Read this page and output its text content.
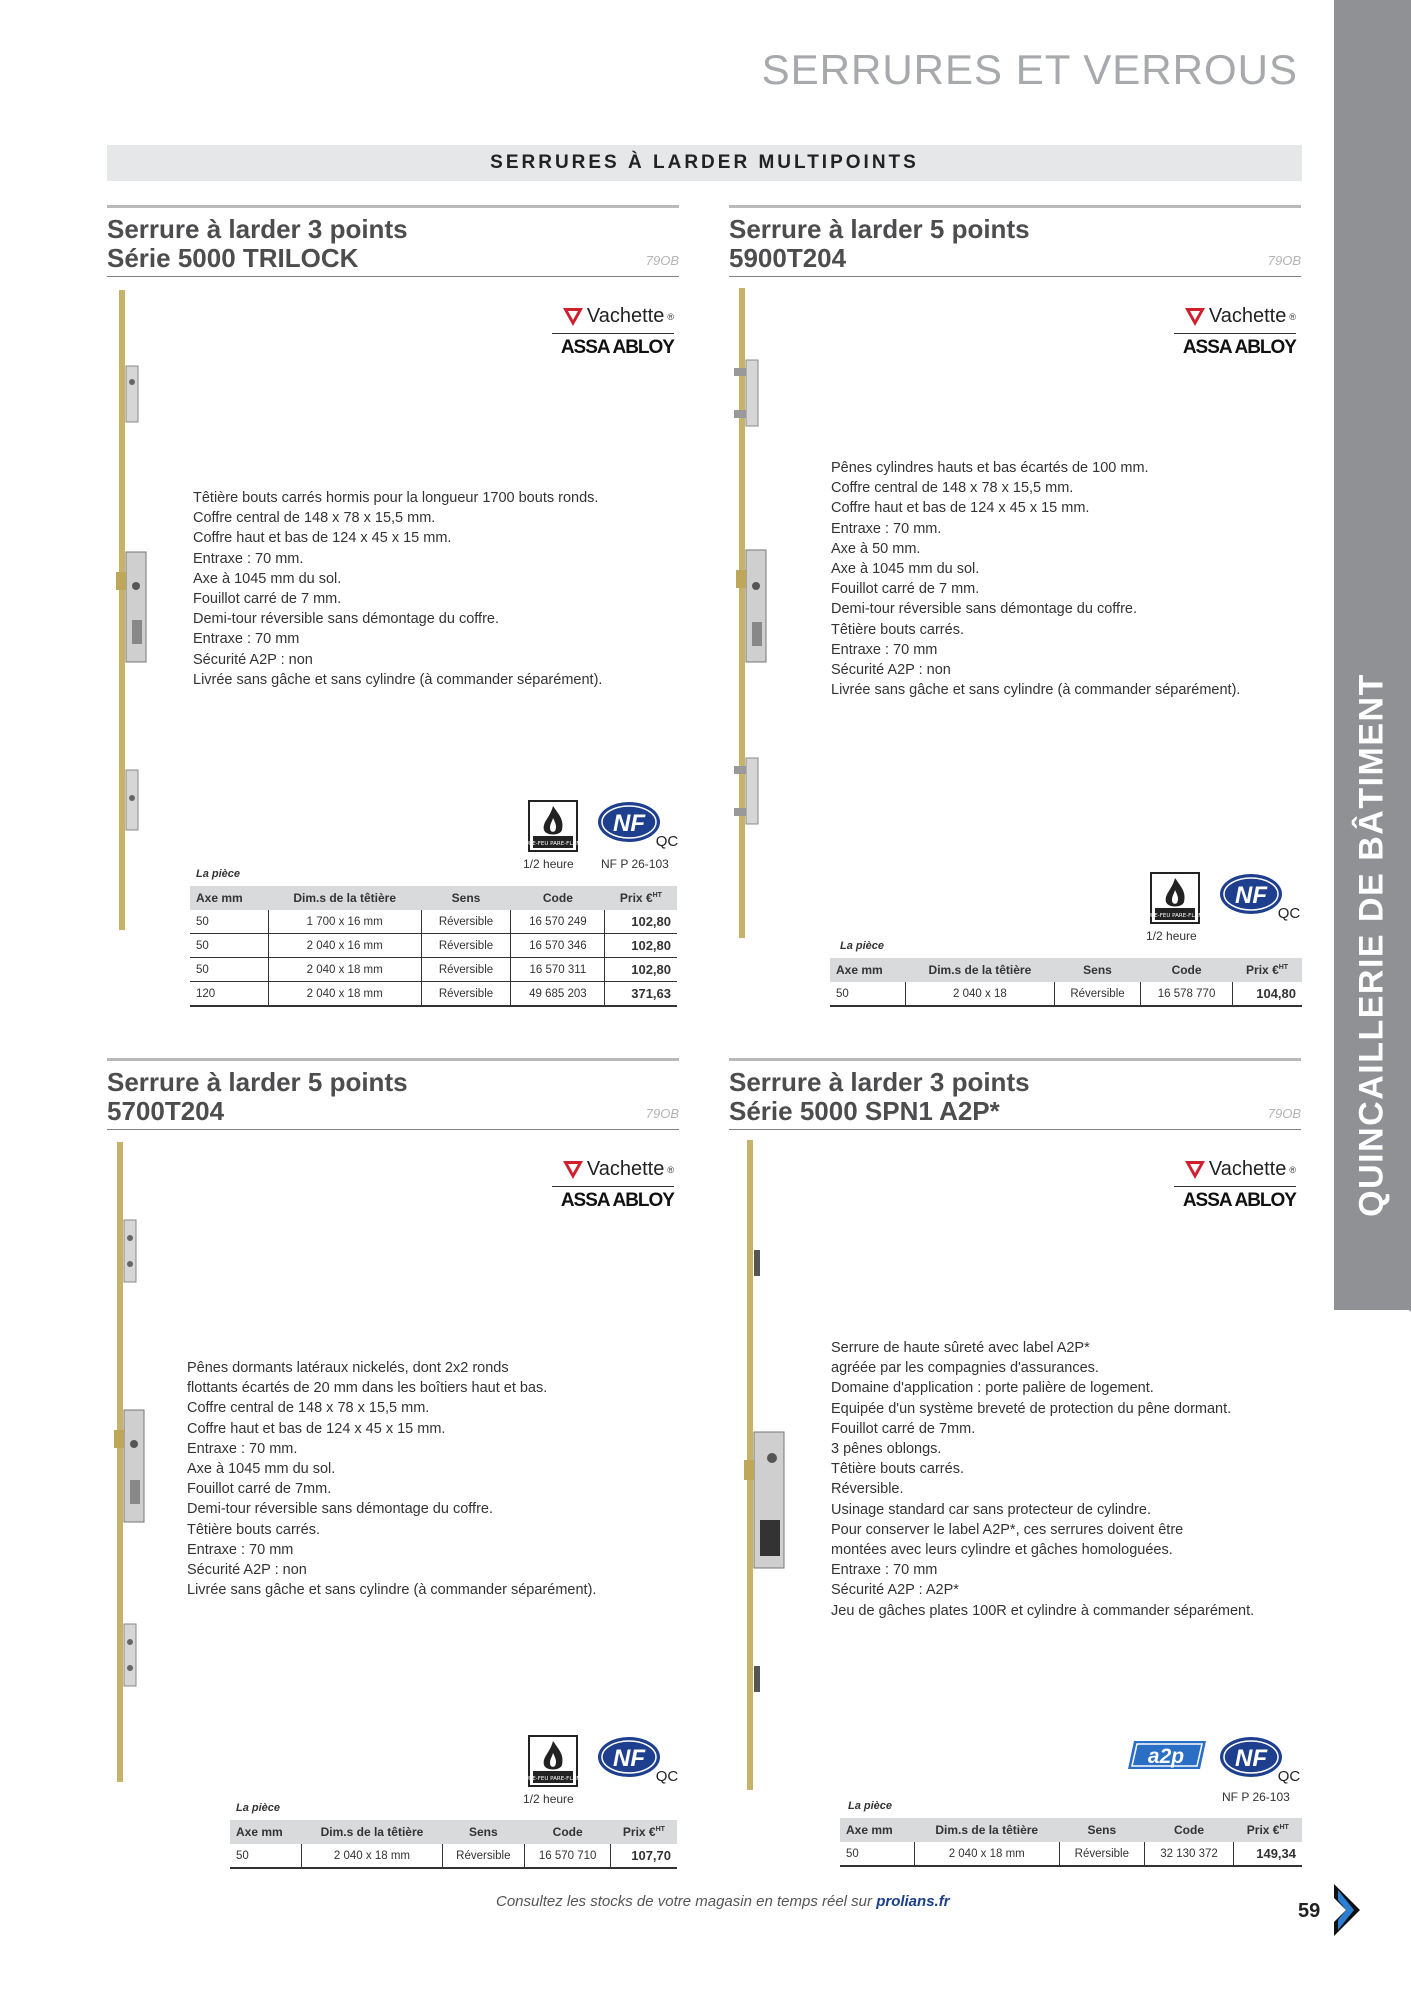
QUINCAILLERIE DE BÂTIMENT
SERRURES ET VERROUS
SERRURES À LARDER MULTIPOINTS
Serrure à larder 3 points
Série 5000 TRILOCK	79OB
Vachette ®
ASSA ABLOY
Têtière bouts carrés hormis pour la longueur 1700 bouts ronds.
Coffre central de 148 x 78 x 15,5 mm.
Coffre haut et bas de 124 x 45 x 15 mm.
Entraxe : 70 mm.
Axe à 1045 mm du sol.
Fouillot carré de 7 mm.
Demi-tour réversible sans démontage du coffre.
Entraxe : 70 mm
Sécurité A2P : non
Livrée sans gâche et sans cylindre (à commander séparément).
COUPE-FEU PARE-FLAMME
1/2 heure
NF
QC
NF P 26-103
La pièce
Axe mm	Dim.s de la têtière	Sens	Code	Prix €$^{HT}$
50	1 700 x 16 mm	Réversible	16 570 249	102,80
50	2 040 x 16 mm	Réversible	16 570 346	102,80
50	2 040 x 18 mm	Réversible	16 570 311	102,80
120	2 040 x 18 mm	Réversible	49 685 203	371,63
Serrure à larder 5 points
5900T204	79OB
Vachette ®
ASSA ABLOY
Pênes cylindres hauts et bas écartés de 100 mm.
Coffre central de 148 x 78 x 15,5 mm.
Coffre haut et bas de 124 x 45 x 15 mm.
Entraxe : 70 mm.
Axe à 50 mm.
Axe à 1045 mm du sol.
Fouillot carré de 7 mm.
Demi-tour réversible sans démontage du coffre.
Têtière bouts carrés.
Entraxe : 70 mm
Sécurité A2P : non
Livrée sans gâche et sans cylindre (à commander séparément).
COUPE-FEU PARE-FLAMME
1/2 heure
NF
QC
La pièce
Axe mm	Dim.s de la têtière	Sens	Code	Prix €$^{HT}$
50	2 040 x 18	Réversible	16 578 770	104,80
Serrure à larder 5 points
5700T204	79OB
Vachette ®
ASSA ABLOY
Pênes dormants latéraux nickelés, dont 2x2 ronds
flottants écartés de 20 mm dans les boîtiers haut et bas.
Coffre central de 148 x 78 x 15,5 mm.
Coffre haut et bas de 124 x 45 x 15 mm.
Entraxe : 70 mm.
Axe à 1045 mm du sol.
Fouillot carré de 7mm.
Demi-tour réversible sans démontage du coffre.
Têtière bouts carrés.
Entraxe : 70 mm
Sécurité A2P : non
Livrée sans gâche et sans cylindre (à commander séparément).
COUPE-FEU PARE-FLAMME
1/2 heure
NF
QC
La pièce
Axe mm	Dim.s de la têtière	Sens	Code	Prix €$^{HT}$
50	2 040 x 18 mm	Réversible	16 570 710	107,70
Serrure à larder 3 points
Série 5000 SPN1 A2P*	79OB
Vachette ®
ASSA ABLOY
Serrure de haute sûreté avec label A2P*
agréée par les compagnies d'assurances.
Domaine d'application : porte palière de logement.
Equipée d'un système breveté de protection du pêne dormant.
Fouillot carré de 7mm.
3 pênes oblongs.
Têtière bouts carrés.
Réversible.
Usinage standard car sans protecteur de cylindre.
Pour conserver le label A2P*, ces serrures doivent être
montées avec leurs cylindre et gâches homologuées.
Entraxe : 70 mm
Sécurité A2P : A2P*
Jeu de gâches plates 100R et cylindre à commander séparément.
a2p NF
QC
NF P 26-103
La pièce
Axe mm	Dim.s de la têtière	Sens	Code	Prix €$^{HT}$
50	2 040 x 18 mm	Réversible	32 130 372	149,34
Consultez les stocks de votre magasin en temps réel sur prolians.fr	59
